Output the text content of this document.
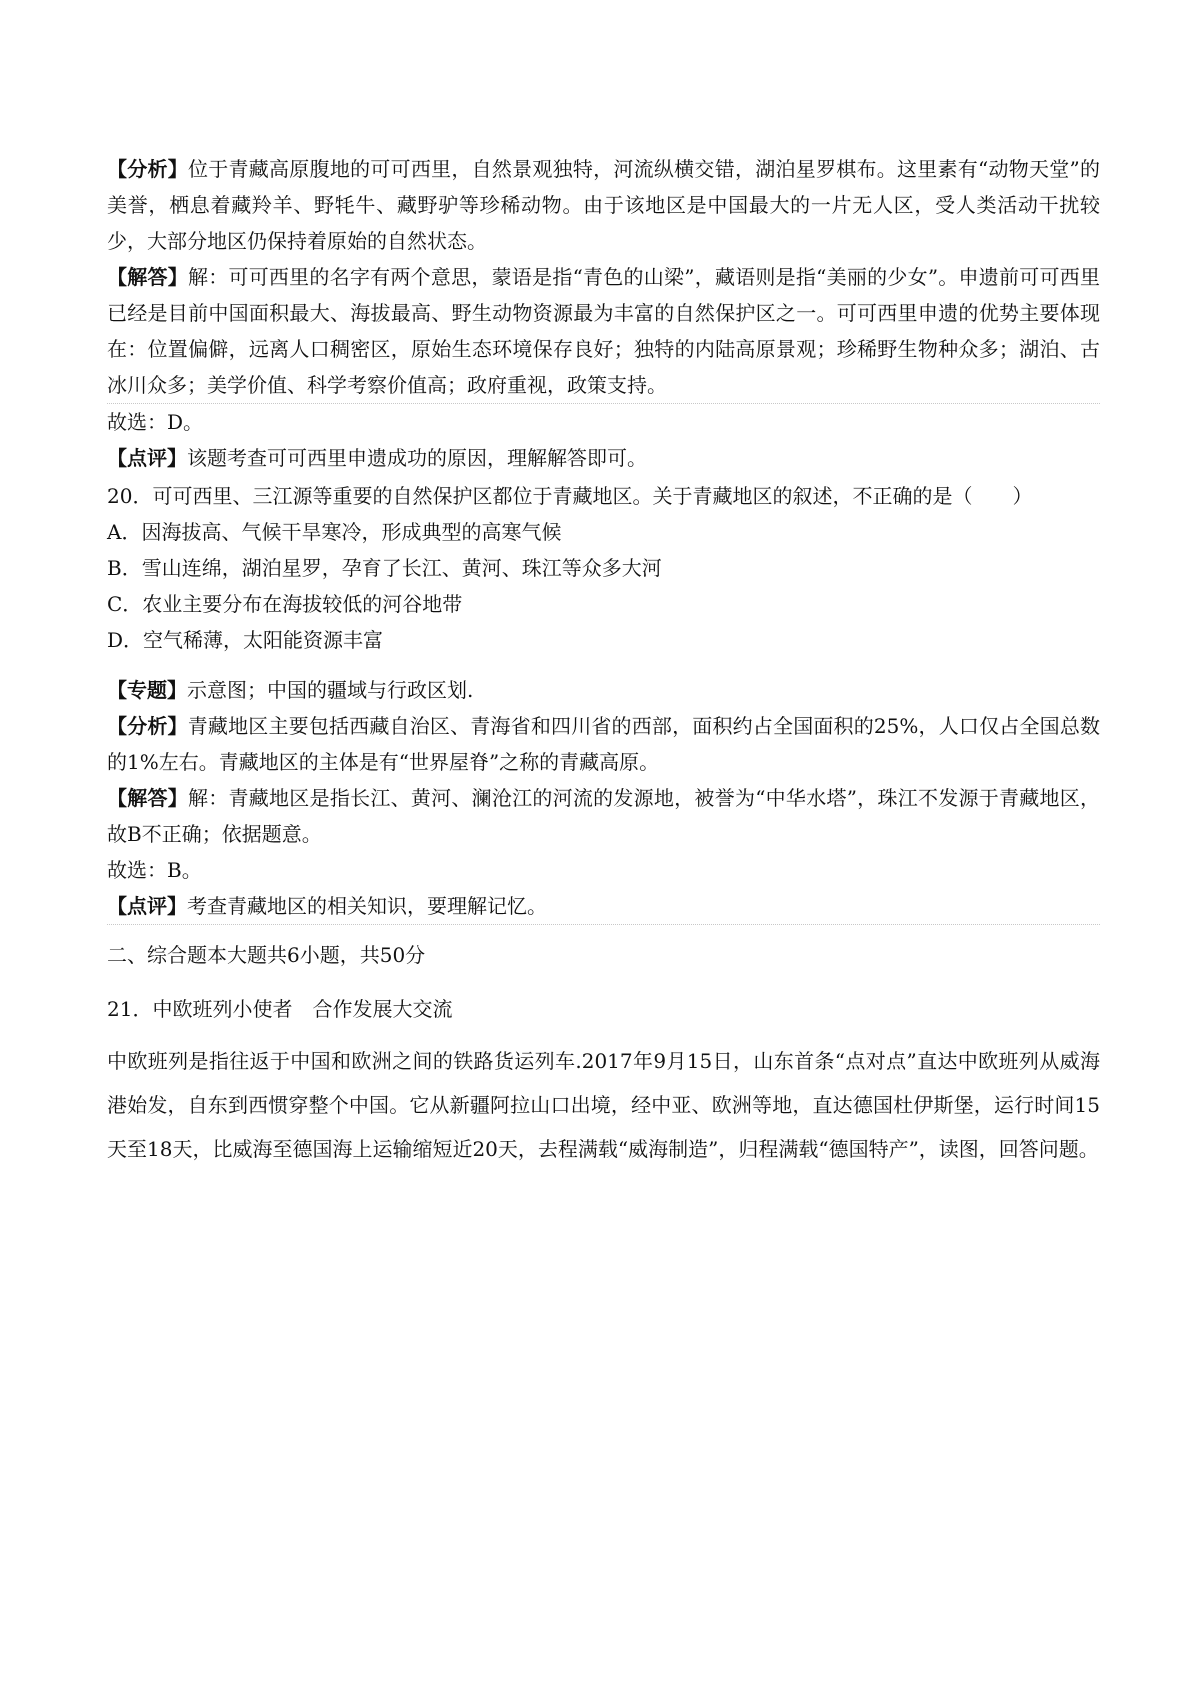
【分析】位于青藏高原腹地的可可西里，自然景观独特，河流纵横交错，湖泊星罗棋布。这里素有“动物天堂”的美誉，栖息着藏羚羊、野牦牛、藏野驴等珍稀动物。由于该地区是中国最大的一片无人区，受人类活动干扰较少，大部分地区仍保持着原始的自然状态。

【解答】解：可可西里的名字有两个意思，蒙语是指“青色的山梁”，藏语则是指“美丽的少女”。申遗前可可西里已经是目前中国面积最大、海拔最高、野生动物资源最为丰富的自然保护区之一。可可西里申遗的优势主要体现在：位置偏僻，远离人口稠密区，原始生态环境保存良好；独特的内陆高原景观；珍稀野生物种众多；湖泊、古冰川众多；美学价值、科学考察价值高；政府重视，政策支持。

故选：D。

【点评】该题考查可可西里申遗成功的原因，理解解答即可。

20．可可西里、三江源等重要的自然保护区都位于青藏地区。关于青藏地区的叙述，不正确的是（　　）

A．因海拔高、气候干旱寒冷，形成典型的高寒气候

B．雪山连绵，湖泊星罗，孕育了长江、黄河、珠江等众多大河

C．农业主要分布在海拔较低的河谷地带

D．空气稀薄，太阳能资源丰富

【专题】示意图；中国的疆域与行政区划.

【分析】青藏地区主要包括西藏自治区、青海省和四川省的西部，面积约占全国面积的25%，人口仅占全国总数的1%左右。青藏地区的主体是有“世界屋脊”之称的青藏高原。

【解答】解：青藏地区是指长江、黄河、澜沧江的河流的发源地，被誉为“中华水塔”，珠江不发源于青藏地区，故B不正确；依据题意。

故选：B。

【点评】考查青藏地区的相关知识，要理解记忆。

二、综合题本大题共6小题，共50分

21．中欧班列小使者　合作发展大交流

中欧班列是指往返于中国和欧洲之间的铁路货运列车.2017年9月15日，山东首条“点对点”直达中欧班列从威海港始发，自东到西惯穿整个中国。它从新疆阿拉山口出境，经中亚、欧洲等地，直达德国杜伊斯堡，运行时间15天至18天，比威海至德国海上运输缩短近20天，去程满载“威海制造”，归程满载“德国特产”，读图，回答问题。
